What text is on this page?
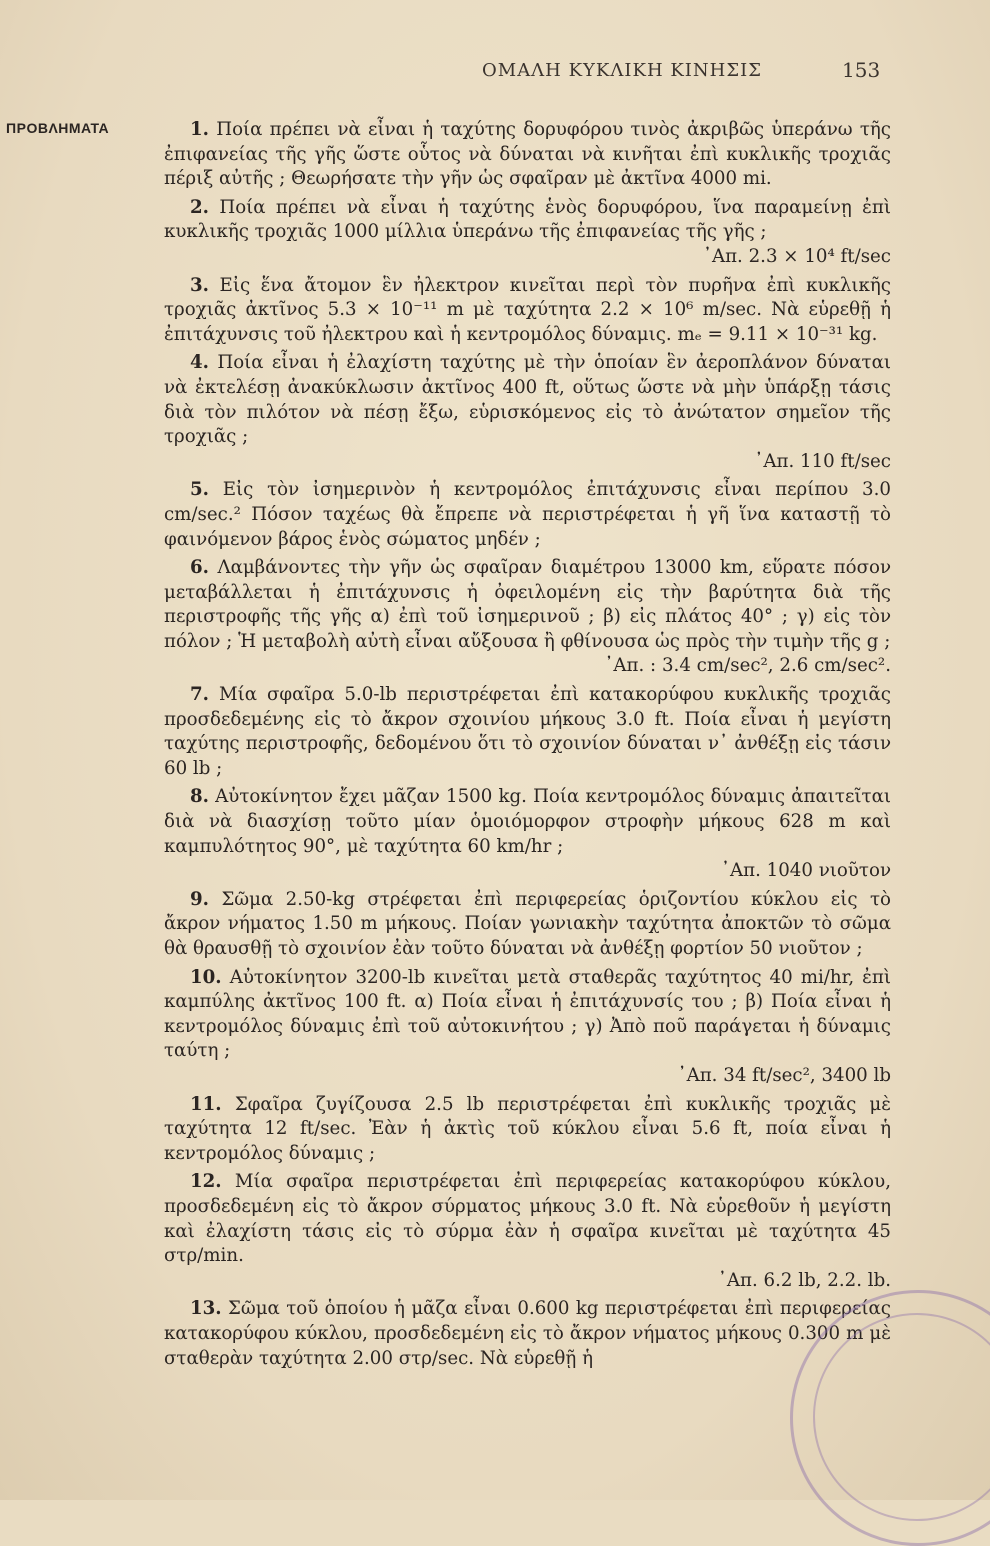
ΟΜΑΛΗ ΚΥΚΛΙΚΗ ΚΙΝΗΣΙΣ	153
ΠΡΟΒΛΗΜΑΤΑ	1. Ποία πρέπει νὰ εἶναι ἡ ταχύτης δορυφόρου τινὸς ἀκριβῶς ὑπεράνω τῆς ἐπιφανείας τῆς γῆς ὥστε οὗτος νὰ δύναται νὰ κινῆται ἐπὶ κυκλικῆς τροχιᾶς πέριξ αὐτῆς ; Θεωρήσατε τὴν γῆν ὡς σφαῖραν μὲ ἀκτῖνα 4000 mi.

2. Ποία πρέπει νὰ εἶναι ἡ ταχύτης ἑνὸς δορυφόρου, ἵνα παραμείνῃ ἐπὶ κυκλικῆς τροχιᾶς 1000 μίλλια ὑπεράνω τῆς ἐπιφανείας τῆς γῆς ;
᾿Απ. 2.3 × 10⁴ ft/sec

3. Εἰς ἕνα ἄτομον ἓν ἠλεκτρον κινεῖται περὶ τὸν πυρῆνα ἐπὶ κυκλικῆς τροχιᾶς ἀκτῖνος 5.3 × 10⁻¹¹ m μὲ ταχύτητα 2.2 × 10⁶ m/sec. Νὰ εὑρεθῇ ἡ ἐπιτάχυνσις τοῦ ἠλεκτρου καὶ ἡ κεντρομόλος δύναμις. mₑ = 9.11 × 10⁻³¹ kg.

4. Ποία εἶναι ἡ ἐλαχίστη ταχύτης μὲ τὴν ὁποίαν ἓν ἀεροπλάνον δύναται νὰ ἐκτελέσῃ ἀνακύκλωσιν ἀκτῖνος 400 ft, οὕτως ὥστε νὰ μὴν ὑπάρξῃ τάσις διὰ τὸν πιλότον νὰ πέσῃ ἔξω, εὑρισκόμενος εἰς τὸ ἀνώτατον σημεῖον τῆς τροχιᾶς ;
᾿Απ. 110 ft/sec

5. Εἰς τὸν ἰσημερινὸν ἡ κεντρομόλος ἐπιτάχυνσις εἶναι περίπου 3.0 cm/sec.² Πόσον ταχέως θὰ ἔπρεπε νὰ περιστρέφεται ἡ γῆ ἵνα καταστῇ τὸ φαινόμενον βάρος ἑνὸς σώματος μηδέν ;

6. Λαμβάνοντες τὴν γῆν ὡς σφαῖραν διαμέτρου 13000 km, εὕρατε πόσον μεταβάλλεται ἡ ἐπιτάχυνσις ἡ ὀφειλομένη εἰς τὴν βαρύτητα διὰ τῆς περιστροφῆς τῆς γῆς α) ἐπὶ τοῦ ἰσημερινοῦ ; β) εἰς πλάτος 40° ; γ) εἰς τὸν πόλον ; Ἡ μεταβολὴ αὐτὴ εἶναι αὔξουσα ἢ φθίνουσα ὡς πρὸς τὴν τιμὴν τῆς g ;
᾿Απ. : 3.4 cm/sec², 2.6 cm/sec².

7. Μία σφαῖρα 5.0-lb περιστρέφεται ἐπὶ κατακορύφου κυκλικῆς τροχιᾶς προσδεδεμένης εἰς τὸ ἄκρον σχοινίου μήκους 3.0 ft. Ποία εἶναι ἡ μεγίστη ταχύτης περιστροφῆς, δεδομένου ὅτι τὸ σχοινίον δύναται ν᾿ ἀνθέξῃ εἰς τάσιν 60 lb ;

8. Αὐτοκίνητον ἔχει μᾶζαν 1500 kg. Ποία κεντρομόλος δύναμις ἀπαιτεῖται διὰ νὰ διασχίσῃ τοῦτο μίαν ὁμοιόμορφον στροφὴν μήκους 628 m καὶ καμπυλότητος 90°, μὲ ταχύτητα 60 km/hr ;
᾿Απ. 1040 νιοῦτον

9. Σῶμα 2.50-kg στρέφεται ἐπὶ περιφερείας ὁριζοντίου κύκλου εἰς τὸ ἄκρον νήματος 1.50 m μήκους. Ποίαν γωνιακὴν ταχύτητα ἀποκτῶν τὸ σῶμα θὰ θραυσθῇ τὸ σχοινίον ἐὰν τοῦτο δύναται νὰ ἀνθέξῃ φορτίον 50 νιοῦτον ;

10. Αὐτοκίνητον 3200-lb κινεῖται μετὰ σταθερᾶς ταχύτητος 40 mi/hr, ἐπὶ καμπύλης ἀκτῖνος 100 ft. α) Ποία εἶναι ἡ ἐπιτάχυνσίς του ; β) Ποία εἶναι ἡ κεντρομόλος δύναμις ἐπὶ τοῦ αὐτοκινήτου ; γ) Ἀπὸ ποῦ παράγεται ἡ δύναμις ταύτη ;
᾿Απ. 34 ft/sec², 3400 lb

11. Σφαῖρα ζυγίζουσα 2.5 lb περιστρέφεται ἐπὶ κυκλικῆς τροχιᾶς μὲ ταχύτητα 12 ft/sec. Ἐὰν ἡ ἀκτὶς τοῦ κύκλου εἶναι 5.6 ft, ποία εἶναι ἡ κεντρομόλος δύναμις ;

12. Μία σφαῖρα περιστρέφεται ἐπὶ περιφερείας κατακορύφου κύκλου, προσδεδεμένη εἰς τὸ ἄκρον σύρματος μήκους 3.0 ft. Νὰ εὑρεθοῦν ἡ μεγίστη καὶ ἐλαχίστη τάσις εἰς τὸ σύρμα ἐὰν ἡ σφαῖρα κινεῖται μὲ ταχύτητα 45 στρ/min.
᾿Απ. 6.2 lb, 2.2. lb.

13. Σῶμα τοῦ ὁποίου ἡ μᾶζα εἶναι 0.600 kg περιστρέφεται ἐπὶ περιφερείας κατακορύφου κύκλου, προσδεδεμένη εἰς τὸ ἄκρον νήματος μήκους 0.300 m μὲ σταθερὰν ταχύτητα 2.00 στρ/sec. Νὰ εὑρεθῇ ἡ
